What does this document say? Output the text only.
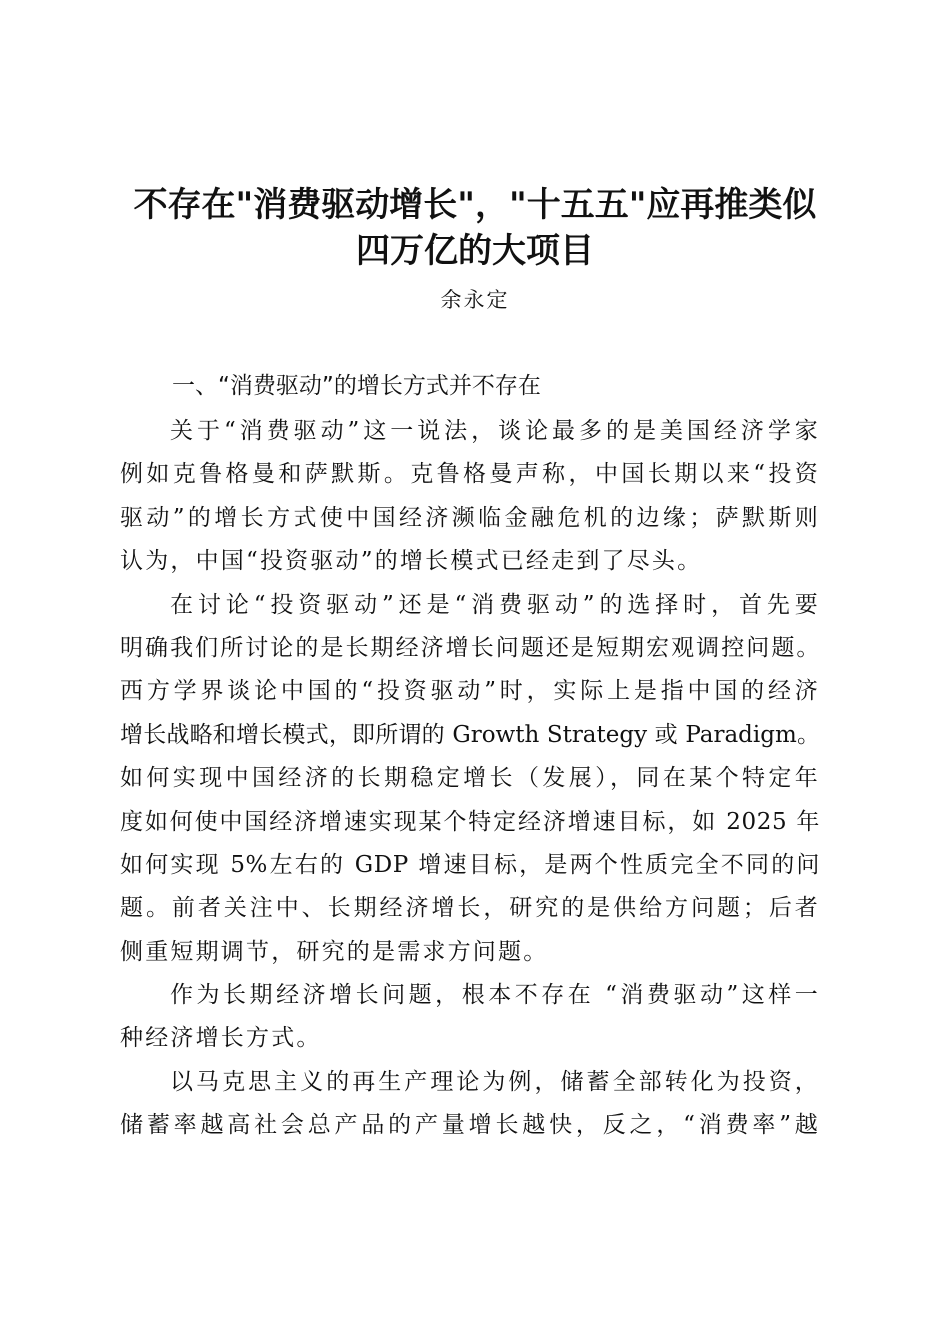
不存在"消费驱动增长"，"十五五"应再推类似
四万亿的大项目
余永定
一、“消费驱动”的增长方式并不存在
关于“消费驱动”这一说法，谈论最多的是美国经济学家
例如克鲁格曼和萨默斯。克鲁格曼声称，中国长期以来“投资
驱动”的增长方式使中国经济濒临金融危机的边缘；萨默斯则
认为，中国“投资驱动”的增长模式已经走到了尽头。
在讨论“投资驱动”还是“消费驱动”的选择时，首先要
明确我们所讨论的是长期经济增长问题还是短期宏观调控问题。
西方学界谈论中国的“投资驱动”时，实际上是指中国的经济
增长战略和增长模式，即所谓的 Growth Strategy 或 Paradigm。
如何实现中国经济的长期稳定增长（发展），同在某个特定年
度如何使中国经济增速实现某个特定经济增速目标，如 2025 年
如何实现 5%左右的 GDP 增速目标，是两个性质完全不同的问
题。前者关注中、长期经济增长，研究的是供给方问题；后者
侧重短期调节，研究的是需求方问题。
作为长期经济增长问题，根本不存在 “消费驱动”这样一
种经济增长方式。
以马克思主义的再生产理论为例，储蓄全部转化为投资，
储蓄率越高社会总产品的产量增长越快，反之，“消费率”越
